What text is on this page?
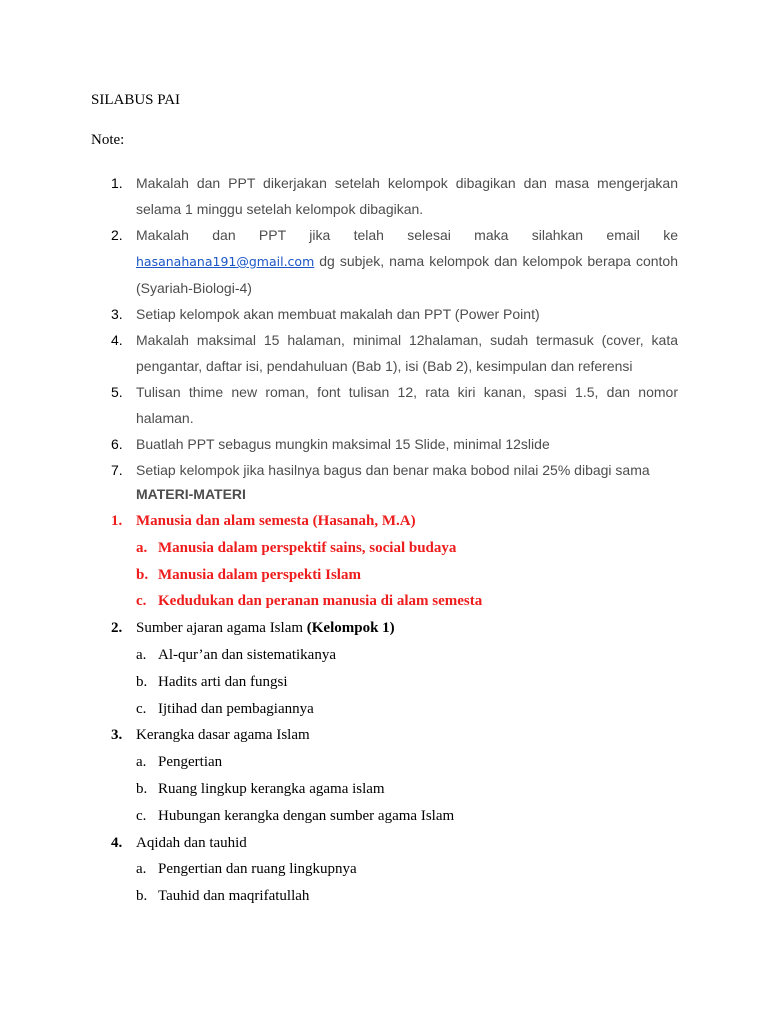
SILABUS PAI
Note:
1. Makalah dan PPT dikerjakan setelah kelompok dibagikan dan masa mengerjakan selama 1 minggu setelah kelompok dibagikan.
2. Makalah dan PPT jika telah selesai maka silahkan email ke hasanahana191@gmail.com dg subjek, nama kelompok dan kelompok berapa contoh (Syariah-Biologi-4)
3. Setiap kelompok akan membuat makalah dan PPT (Power Point)
4. Makalah maksimal 15 halaman, minimal 12halaman, sudah termasuk (cover, kata pengantar, daftar isi, pendahuluan (Bab 1), isi (Bab 2), kesimpulan dan referensi
5. Tulisan thime new roman, font tulisan 12, rata kiri kanan, spasi 1.5, dan nomor halaman.
6. Buatlah PPT sebagus mungkin maksimal 15 Slide, minimal 12slide
7. Setiap kelompok jika hasilnya bagus dan benar maka bobod nilai 25% dibagi sama
MATERI-MATERI
1. Manusia dan alam semesta (Hasanah, M.A)
a. Manusia dalam perspektif sains, social budaya
b. Manusia dalam perspekti Islam
c. Kedudukan dan peranan manusia di alam semesta
2. Sumber ajaran agama Islam (Kelompok 1)
a. Al-qur’an dan sistematikanya
b. Hadits arti dan fungsi
c. Ijtihad dan pembagiannya
3. Kerangka dasar agama Islam
a. Pengertian
b. Ruang lingkup kerangka agama islam
c. Hubungan kerangka dengan sumber agama Islam
4. Aqidah dan tauhid
a. Pengertian dan ruang lingkupnya
b. Tauhid dan maqrifatullah
